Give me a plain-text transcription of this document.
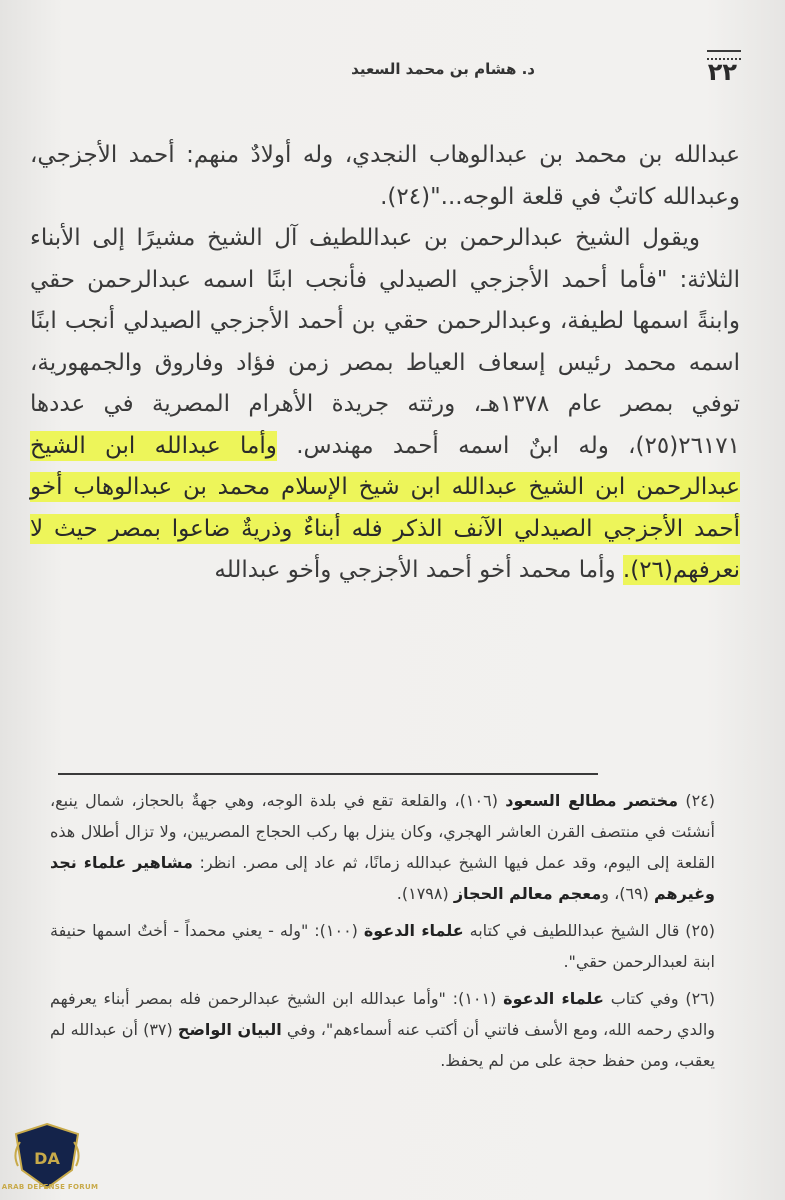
٢٢
د. هشام بن محمد السعيد

عبدالله بن محمد بن عبدالوهاب النجدي، وله أولادٌ منهم: أحمد الأجزجي، وعبدالله كاتبٌ في قلعة الوجه..."(٢٤).

ويقول الشيخ عبدالرحمن بن عبداللطيف آل الشيخ مشيرًا إلى الأبناء الثلاثة: "فأما أحمد الأجزجي الصيدلي فأنجب ابنًا اسمه عبدالرحمن حقي وابنةً اسمها لطيفة، وعبدالرحمن حقي بن أحمد الأجزجي الصيدلي أنجب ابنًا اسمه محمد رئيس إسعاف العياط بمصر زمن فؤاد وفاروق والجمهورية، توفي بمصر عام ١٣٧٨هـ، ورثته جريدة الأهرام المصرية في عددها ٢٦١٧١(٢٥)، وله ابنٌ اسمه أحمد مهندس. وأما عبدالله ابن الشيخ عبدالرحمن ابن الشيخ عبدالله ابن شيخ الإسلام محمد بن عبدالوهاب أخو أحمد الأجزجي الصيدلي الآنف الذكر فله أبناءٌ وذريةٌ ضاعوا بمصر حيث لا نعرفهم(٢٦). وأما محمد أخو أحمد الأجزجي وأخو عبدالله

(٢٤) مختصر مطالع السعود (١٠٦)، والقلعة تقع في بلدة الوجه، وهي جهةٌ بالحجاز، شمال ينبع، أنشئت في منتصف القرن العاشر الهجري، وكان ينزل بها ركب الحجاج المصريين، ولا تزال أطلال هذه القلعة إلى اليوم، وقد عمل فيها الشيخ عبدالله زمانًا، ثم عاد إلى مصر. انظر: مشاهير علماء نجد وغيرهم (٦٩)، ومعجم معالم الحجاز (١٧٩٨).

(٢٥) قال الشيخ عبداللطيف في كتابه علماء الدعوة (١٠٠): "وله - يعني محمداً - أختٌ اسمها حنيفة ابنة لعبدالرحمن حقي".

(٢٦) وفي كتاب علماء الدعوة (١٠١): "وأما عبدالله ابن الشيخ عبدالرحمن فله بمصر أبناء يعرفهم والدي رحمه الله، ومع الأسف فاتني أن أكتب عنه أسماءهم"، وفي البيان الواضح (٣٧) أن عبدالله لم يعقب، ومن حفظ حجة على من لم يحفظ.

DA
ARAB DEFENSE FORUM
